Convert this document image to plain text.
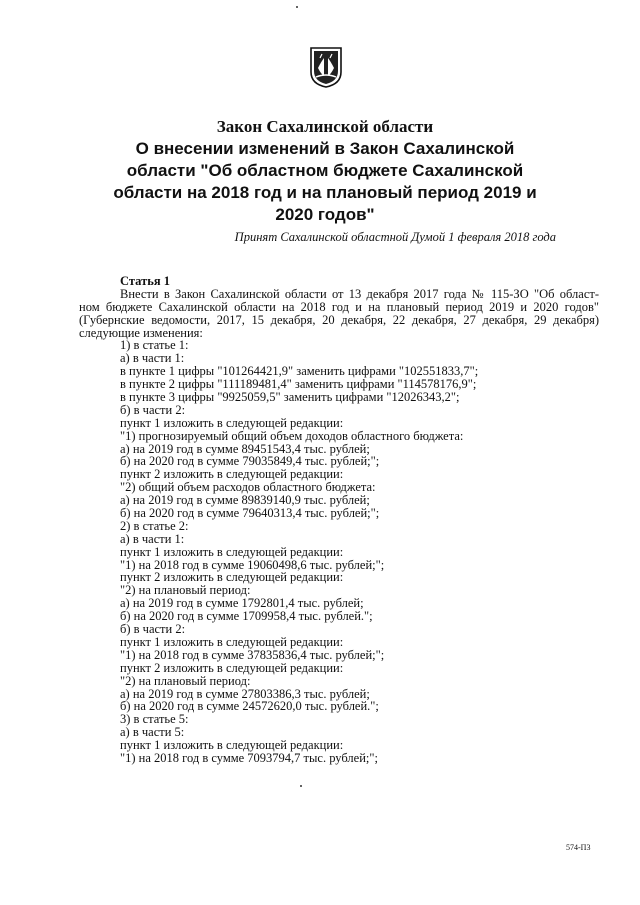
Закон Сахалинской области

О внесении изменений в Закон Сахалинской

области "Об областном бюджете Сахалинской

области на 2018 год и на плановый период 2019 и

2020 годов"

Принят Сахалинской областной Думой 1 февраля 2018 года
Статья 1
Внести в Закон Сахалинской области от 13 декабря 2017 года № 115-ЗО "Об област-
ном бюджете Сахалинской области на 2018 год и на плановый период 2019 и 2020 годов"
(Губернские ведомости, 2017, 15 декабря, 20 декабря, 22 декабря, 27 декабря, 29 декабря)
следующие изменения:
1) в статье 1:
а) в части 1:
в пункте 1 цифры "101264421,9" заменить цифрами "102551833,7";
в пункте 2 цифры "111189481,4" заменить цифрами "114578176,9";
в пункте 3 цифры "9925059,5" заменить цифрами "12026343,2";
б) в части 2:
пункт 1 изложить в следующей редакции:
"1) прогнозируемый общий объем доходов областного бюджета:
а) на 2019 год в сумме 89451543,4 тыс. рублей;
б) на 2020 год в сумме 79035849,4 тыс. рублей;";
пункт 2 изложить в следующей редакции:
"2) общий объем расходов областного бюджета:
а) на 2019 год в сумме 89839140,9 тыс. рублей;
б) на 2020 год в сумме 79640313,4 тыс. рублей;";
2) в статье 2:
а) в части 1:
пункт 1 изложить в следующей редакции:
"1) на 2018 год в сумме 19060498,6 тыс. рублей;";
пункт 2 изложить в следующей редакции:
"2) на плановый период:
а) на 2019 год в сумме 1792801,4 тыс. рублей;
б) на 2020 год в сумме 1709958,4 тыс. рублей.";
б) в части 2:
пункт 1 изложить в следующей редакции:
"1) на 2018 год в сумме 37835836,4 тыс. рублей;";
пункт 2 изложить в следующей редакции:
"2) на плановый период:
а) на 2019 год в сумме 27803386,3 тыс. рублей;
б) на 2020 год в сумме 24572620,0 тыс. рублей.";
3) в статье 5:
а) в части 5:
пункт 1 изложить в следующей редакции:
"1) на 2018 год в сумме 7093794,7 тыс. рублей;";
574-П3
